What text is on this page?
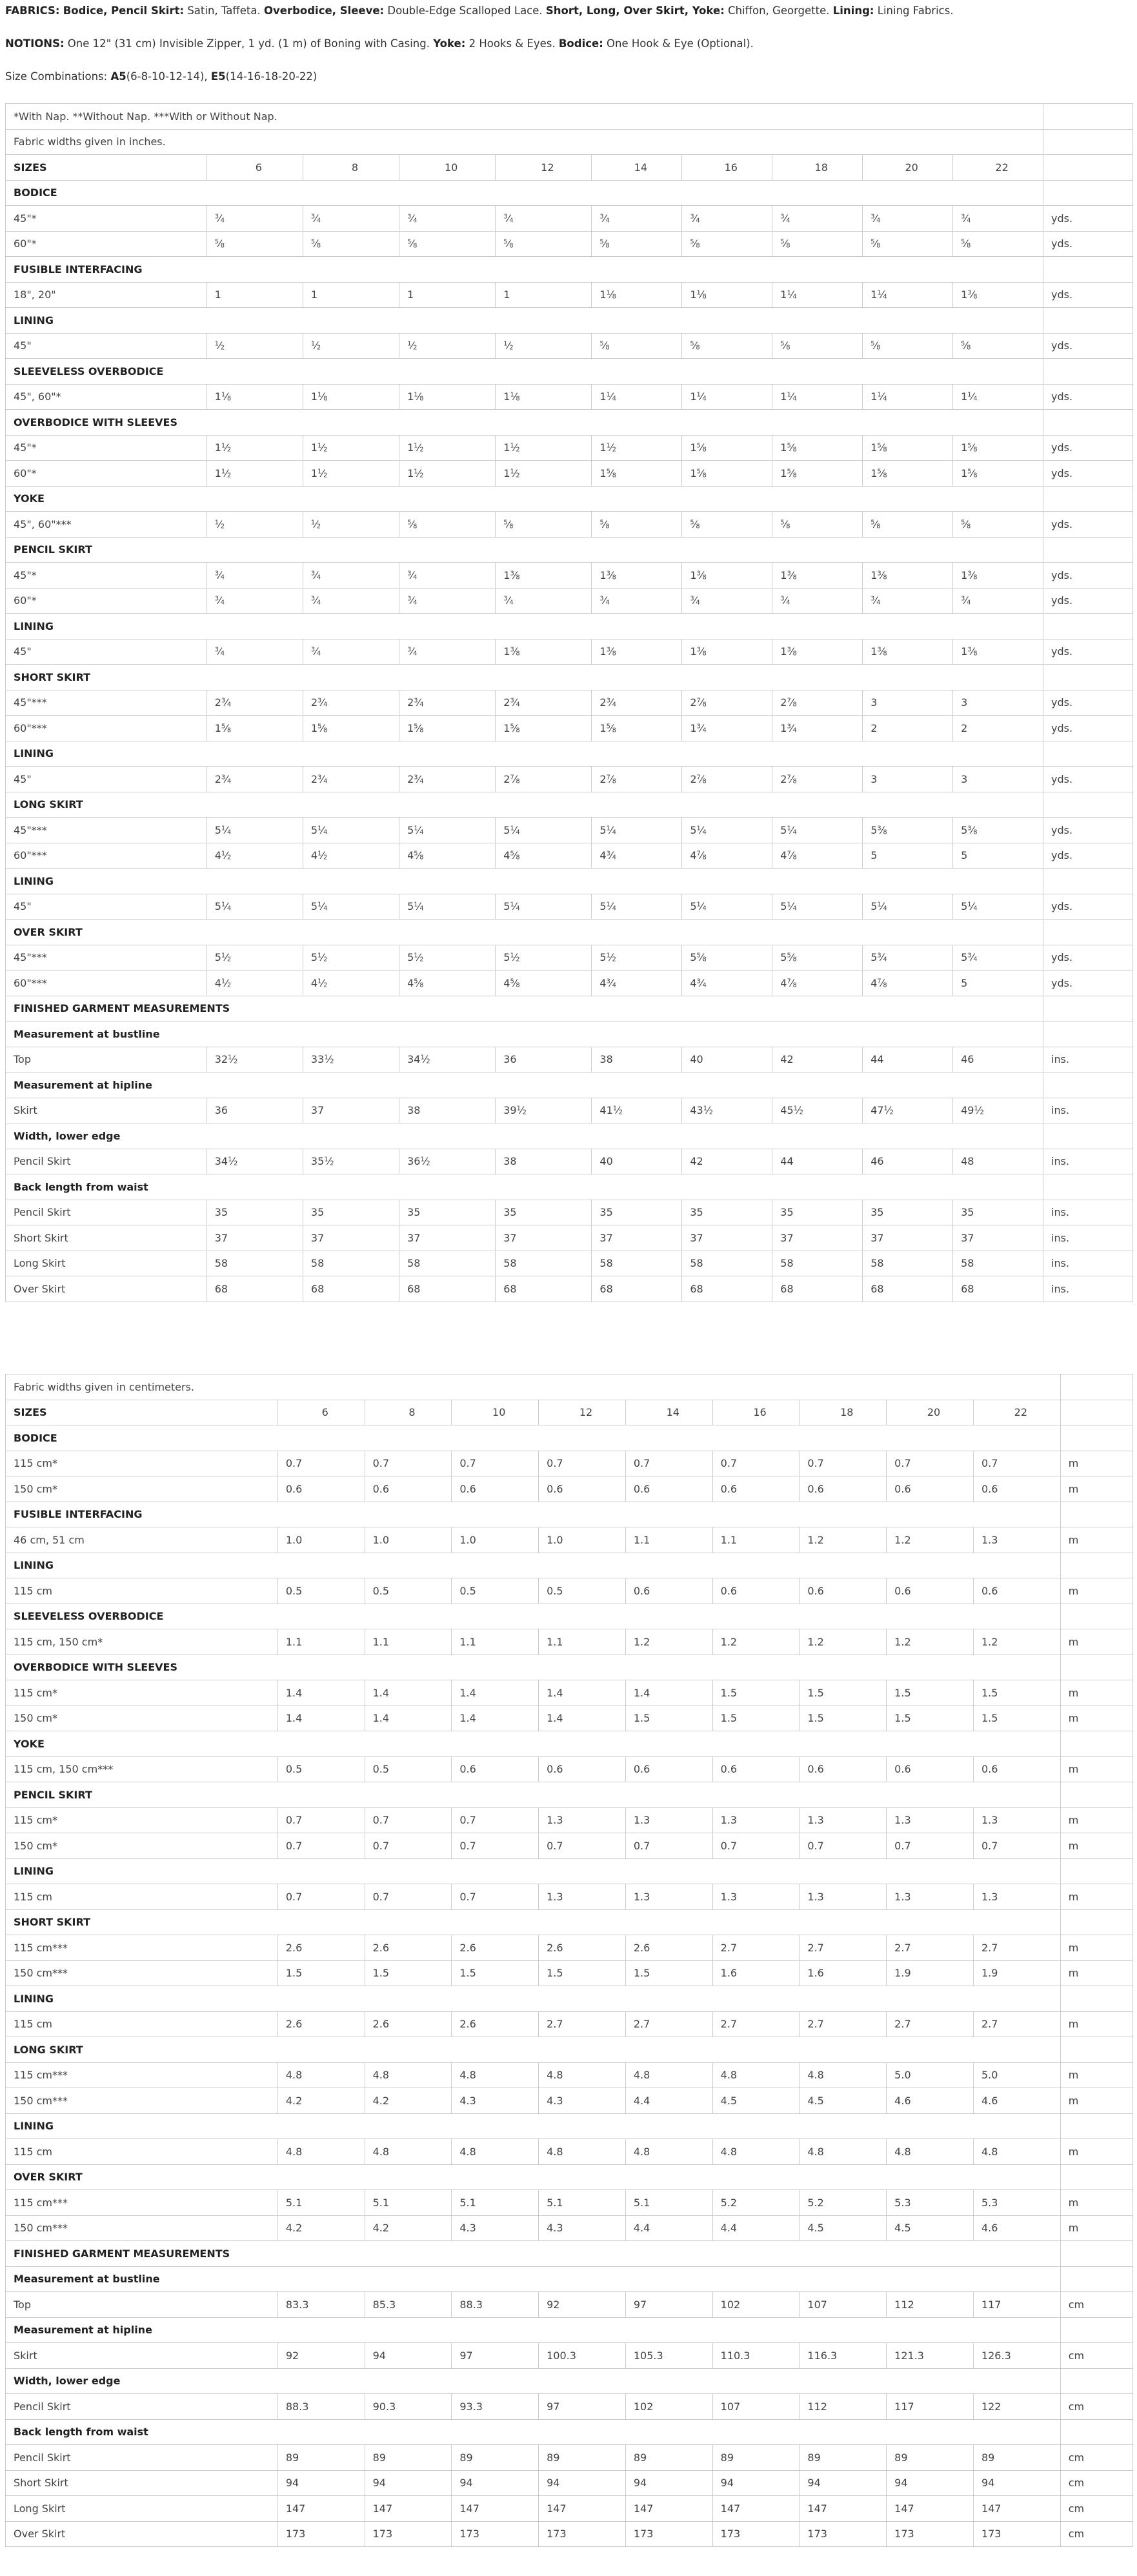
FABRICS: Bodice, Pencil Skirt: Satin, Taffeta. Overbodice, Sleeve: Double-Edge Scalloped Lace. Short, Long, Over Skirt, Yoke: Chiffon, Georgette. Lining: Lining Fabrics.

NOTIONS: One 12" (31 cm) Invisible Zipper, 1 yd. (1 m) of Boning with Casing. Yoke: 2 Hooks & Eyes. Bodice: One Hook & Eye (Optional).

Size Combinations: A5(6-8-10-12-14), E5(14-16-18-20-22)

*With Nap. **Without Nap. ***With or Without Nap.										
Fabric widths given in inches.										
SIZES	6	8	10	12	14	16	18	20	22	
BODICE										
45"*	$^3⁄_4$	$^3⁄_4$	$^3⁄_4$	$^3⁄_4$	$^3⁄_4$	$^3⁄_4$	$^3⁄_4$	$^3⁄_4$	$^3⁄_4$	yds.
60"*	$^5⁄_8$	$^5⁄_8$	$^5⁄_8$	$^5⁄_8$	$^5⁄_8$	$^5⁄_8$	$^5⁄_8$	$^5⁄_8$	$^5⁄_8$	yds.
FUSIBLE INTERFACING										
18", 20"	1	1	1	1	$1^1⁄_8$	$1^1⁄_8$	$1^1⁄_4$	$1^1⁄_4$	$1^3⁄_8$	yds.
LINING										
45"	$^1⁄_2$	$^1⁄_2$	$^1⁄_2$	$^1⁄_2$	$^5⁄_8$	$^5⁄_8$	$^5⁄_8$	$^5⁄_8$	$^5⁄_8$	yds.
SLEEVELESS OVERBODICE										
45", 60"*	$1^1⁄_8$	$1^1⁄_8$	$1^1⁄_8$	$1^1⁄_8$	$1^1⁄_4$	$1^1⁄_4$	$1^1⁄_4$	$1^1⁄_4$	$1^1⁄_4$	yds.
OVERBODICE WITH SLEEVES										
45"*	$1^1⁄_2$	$1^1⁄_2$	$1^1⁄_2$	$1^1⁄_2$	$1^1⁄_2$	$1^5⁄_8$	$1^5⁄_8$	$1^5⁄_8$	$1^5⁄_8$	yds.
60"*	$1^1⁄_2$	$1^1⁄_2$	$1^1⁄_2$	$1^1⁄_2$	$1^5⁄_8$	$1^5⁄_8$	$1^5⁄_8$	$1^5⁄_8$	$1^5⁄_8$	yds.
YOKE										
45", 60"***	$^1⁄_2$	$^1⁄_2$	$^5⁄_8$	$^5⁄_8$	$^5⁄_8$	$^5⁄_8$	$^5⁄_8$	$^5⁄_8$	$^5⁄_8$	yds.
PENCIL SKIRT										
45"*	$^3⁄_4$	$^3⁄_4$	$^3⁄_4$	$1^3⁄_8$	$1^3⁄_8$	$1^3⁄_8$	$1^3⁄_8$	$1^3⁄_8$	$1^3⁄_8$	yds.
60"*	$^3⁄_4$	$^3⁄_4$	$^3⁄_4$	$^3⁄_4$	$^3⁄_4$	$^3⁄_4$	$^3⁄_4$	$^3⁄_4$	$^3⁄_4$	yds.
LINING										
45"	$^3⁄_4$	$^3⁄_4$	$^3⁄_4$	$1^3⁄_8$	$1^3⁄_8$	$1^3⁄_8$	$1^3⁄_8$	$1^3⁄_8$	$1^3⁄_8$	yds.
SHORT SKIRT										
45"***	$2^3⁄_4$	$2^3⁄_4$	$2^3⁄_4$	$2^3⁄_4$	$2^3⁄_4$	$2^7⁄_8$	$2^7⁄_8$	3	3	yds.
60"***	$1^5⁄_8$	$1^5⁄_8$	$1^5⁄_8$	$1^5⁄_8$	$1^5⁄_8$	$1^3⁄_4$	$1^3⁄_4$	2	2	yds.
LINING										
45"	$2^3⁄_4$	$2^3⁄_4$	$2^3⁄_4$	$2^7⁄_8$	$2^7⁄_8$	$2^7⁄_8$	$2^7⁄_8$	3	3	yds.
LONG SKIRT										
45"***	$5^1⁄_4$	$5^1⁄_4$	$5^1⁄_4$	$5^1⁄_4$	$5^1⁄_4$	$5^1⁄_4$	$5^1⁄_4$	$5^3⁄_8$	$5^3⁄_8$	yds.
60"***	$4^1⁄_2$	$4^1⁄_2$	$4^5⁄_8$	$4^5⁄_8$	$4^3⁄_4$	$4^7⁄_8$	$4^7⁄_8$	5	5	yds.
LINING										
45"	$5^1⁄_4$	$5^1⁄_4$	$5^1⁄_4$	$5^1⁄_4$	$5^1⁄_4$	$5^1⁄_4$	$5^1⁄_4$	$5^1⁄_4$	$5^1⁄_4$	yds.
OVER SKIRT										
45"***	$5^1⁄_2$	$5^1⁄_2$	$5^1⁄_2$	$5^1⁄_2$	$5^1⁄_2$	$5^5⁄_8$	$5^5⁄_8$	$5^3⁄_4$	$5^3⁄_4$	yds.
60"***	$4^1⁄_2$	$4^1⁄_2$	$4^5⁄_8$	$4^5⁄_8$	$4^3⁄_4$	$4^3⁄_4$	$4^7⁄_8$	$4^7⁄_8$	5	yds.
FINISHED GARMENT MEASUREMENTS										
Measurement at bustline										
Top	$32^1⁄_2$	$33^1⁄_2$	$34^1⁄_2$	36	38	40	42	44	46	ins.
Measurement at hipline										
Skirt	36	37	38	$39^1⁄_2$	$41^1⁄_2$	$43^1⁄_2$	$45^1⁄_2$	$47^1⁄_2$	$49^1⁄_2$	ins.
Width, lower edge										
Pencil Skirt	$34^1⁄_2$	$35^1⁄_2$	$36^1⁄_2$	38	40	42	44	46	48	ins.
Back length from waist										
Pencil Skirt	35	35	35	35	35	35	35	35	35	ins.
Short Skirt	37	37	37	37	37	37	37	37	37	ins.
Long Skirt	58	58	58	58	58	58	58	58	58	ins.
Over Skirt	68	68	68	68	68	68	68	68	68	ins.
Fabric widths given in centimeters.										
SIZES	6	8	10	12	14	16	18	20	22	
BODICE										
115 cm*	0.7	0.7	0.7	0.7	0.7	0.7	0.7	0.7	0.7	m
150 cm*	0.6	0.6	0.6	0.6	0.6	0.6	0.6	0.6	0.6	m
FUSIBLE INTERFACING										
46 cm, 51 cm	1.0	1.0	1.0	1.0	1.1	1.1	1.2	1.2	1.3	m
LINING										
115 cm	0.5	0.5	0.5	0.5	0.6	0.6	0.6	0.6	0.6	m
SLEEVELESS OVERBODICE										
115 cm, 150 cm*	1.1	1.1	1.1	1.1	1.2	1.2	1.2	1.2	1.2	m
OVERBODICE WITH SLEEVES										
115 cm*	1.4	1.4	1.4	1.4	1.4	1.5	1.5	1.5	1.5	m
150 cm*	1.4	1.4	1.4	1.4	1.5	1.5	1.5	1.5	1.5	m
YOKE										
115 cm, 150 cm***	0.5	0.5	0.6	0.6	0.6	0.6	0.6	0.6	0.6	m
PENCIL SKIRT										
115 cm*	0.7	0.7	0.7	1.3	1.3	1.3	1.3	1.3	1.3	m
150 cm*	0.7	0.7	0.7	0.7	0.7	0.7	0.7	0.7	0.7	m
LINING										
115 cm	0.7	0.7	0.7	1.3	1.3	1.3	1.3	1.3	1.3	m
SHORT SKIRT										
115 cm***	2.6	2.6	2.6	2.6	2.6	2.7	2.7	2.7	2.7	m
150 cm***	1.5	1.5	1.5	1.5	1.5	1.6	1.6	1.9	1.9	m
LINING										
115 cm	2.6	2.6	2.6	2.7	2.7	2.7	2.7	2.7	2.7	m
LONG SKIRT										
115 cm***	4.8	4.8	4.8	4.8	4.8	4.8	4.8	5.0	5.0	m
150 cm***	4.2	4.2	4.3	4.3	4.4	4.5	4.5	4.6	4.6	m
LINING										
115 cm	4.8	4.8	4.8	4.8	4.8	4.8	4.8	4.8	4.8	m
OVER SKIRT										
115 cm***	5.1	5.1	5.1	5.1	5.1	5.2	5.2	5.3	5.3	m
150 cm***	4.2	4.2	4.3	4.3	4.4	4.4	4.5	4.5	4.6	m
FINISHED GARMENT MEASUREMENTS										
Measurement at bustline										
Top	83.3	85.3	88.3	92	97	102	107	112	117	cm
Measurement at hipline										
Skirt	92	94	97	100.3	105.3	110.3	116.3	121.3	126.3	cm
Width, lower edge										
Pencil Skirt	88.3	90.3	93.3	97	102	107	112	117	122	cm
Back length from waist										
Pencil Skirt	89	89	89	89	89	89	89	89	89	cm
Short Skirt	94	94	94	94	94	94	94	94	94	cm
Long Skirt	147	147	147	147	147	147	147	147	147	cm
Over Skirt	173	173	173	173	173	173	173	173	173	cm
